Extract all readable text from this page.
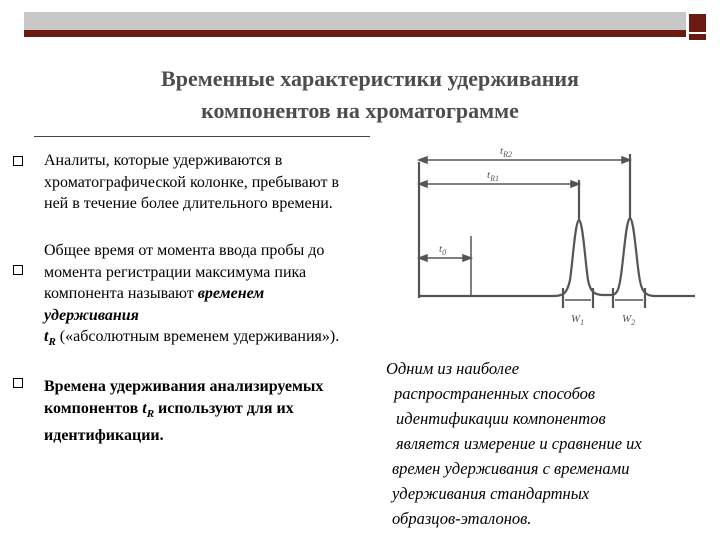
Временные характеристики удерживания
компонентов на хроматограмме
Аналиты, которые удерживаются в хроматографической колонке, пребывают в ней в течение более длительного времени.
Общее время от момента ввода пробы до момента регистрации максимума пика компонента называют временем удерживания
$t_R$ («абсолютным временем удерживания»).
Времена удерживания анализируемых компонентов $t_R$ используют для их идентификации.
$t_{R2}$
$t_{R1}$
$t_0$
$W_1$	$W_2$
Одним из наиболее
распространенных способов
идентификации компонентов
является измерение и сравнение их
времен удерживания с временами
удерживания стандартных
образцов-эталонов.
